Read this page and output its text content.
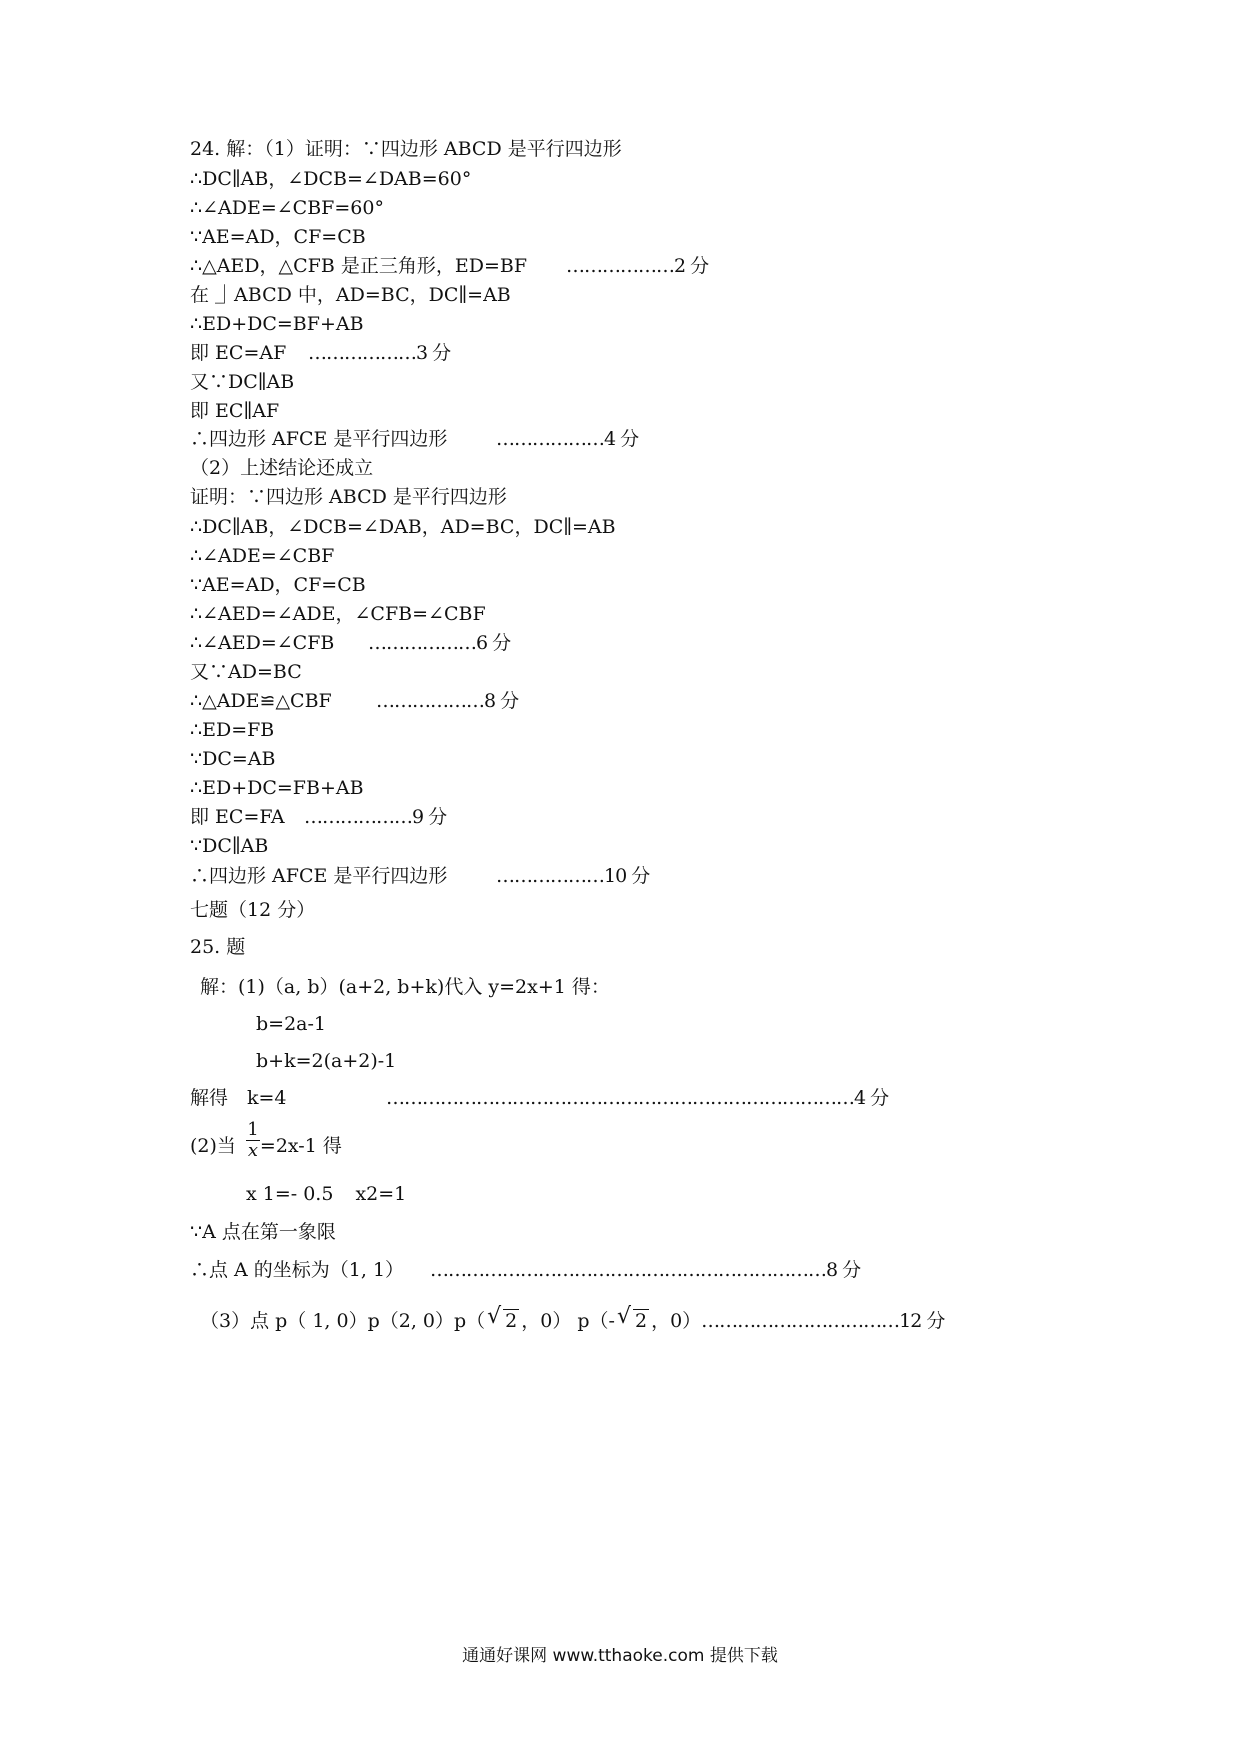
24. 解：（1）证明：∵四边形 ABCD 是平行四边形
∴DC∥AB，∠DCB=∠DAB=60°
∴∠ADE=∠CBF=60°
∵AE=AD，CF=CB
∴△AED，△CFB 是正三角形，ED=BF ………………2 分
在 ⏌ABCD 中，AD=BC，DC∥=AB
∴ED+DC=BF+AB
即 EC=AF ………………3 分
又∵DC∥AB
即 EC∥AF
∴四边形 AFCE 是平行四边形	………………4 分
（2）上述结论还成立
证明：∵四边形 ABCD 是平行四边形
∴DC∥AB，∠DCB=∠DAB，AD=BC，DC∥=AB
∴∠ADE=∠CBF
∵AE=AD，CF=CB
∴∠AED=∠ADE，∠CFB=∠CBF
∴∠AED=∠CFB ………………6 分
又∵AD=BC
∴△ADE≌△CBF ………………8 分
∴ED=FB
∵DC=AB
∴ED+DC=FB+AB
即 EC=FA ………………9 分
∵DC∥AB
∴四边形 AFCE 是平行四边形	………………10 分
七题（12 分）
25. 题
解：(1)（a, b）(a+2, b+k)代入 y=2x+1 得：
b=2a-1
b+k=2(a+2)-1
解得　k=4	……………………………………………………………………4 分
(2)当 =2x-1 得
$\frac{1}{x}$
x 1=- 0.5 x2=1
∵A 点在第一象限
∴点 A 的坐标为（1, 1） …………………………………………………………8 分
（3）点 p（ 1, 0）p（2, 0）p（ √ 2 ，0） p（- √ 2 ，0）……………………………12 分
通通好课网 www.tthaoke.com 提供下载
